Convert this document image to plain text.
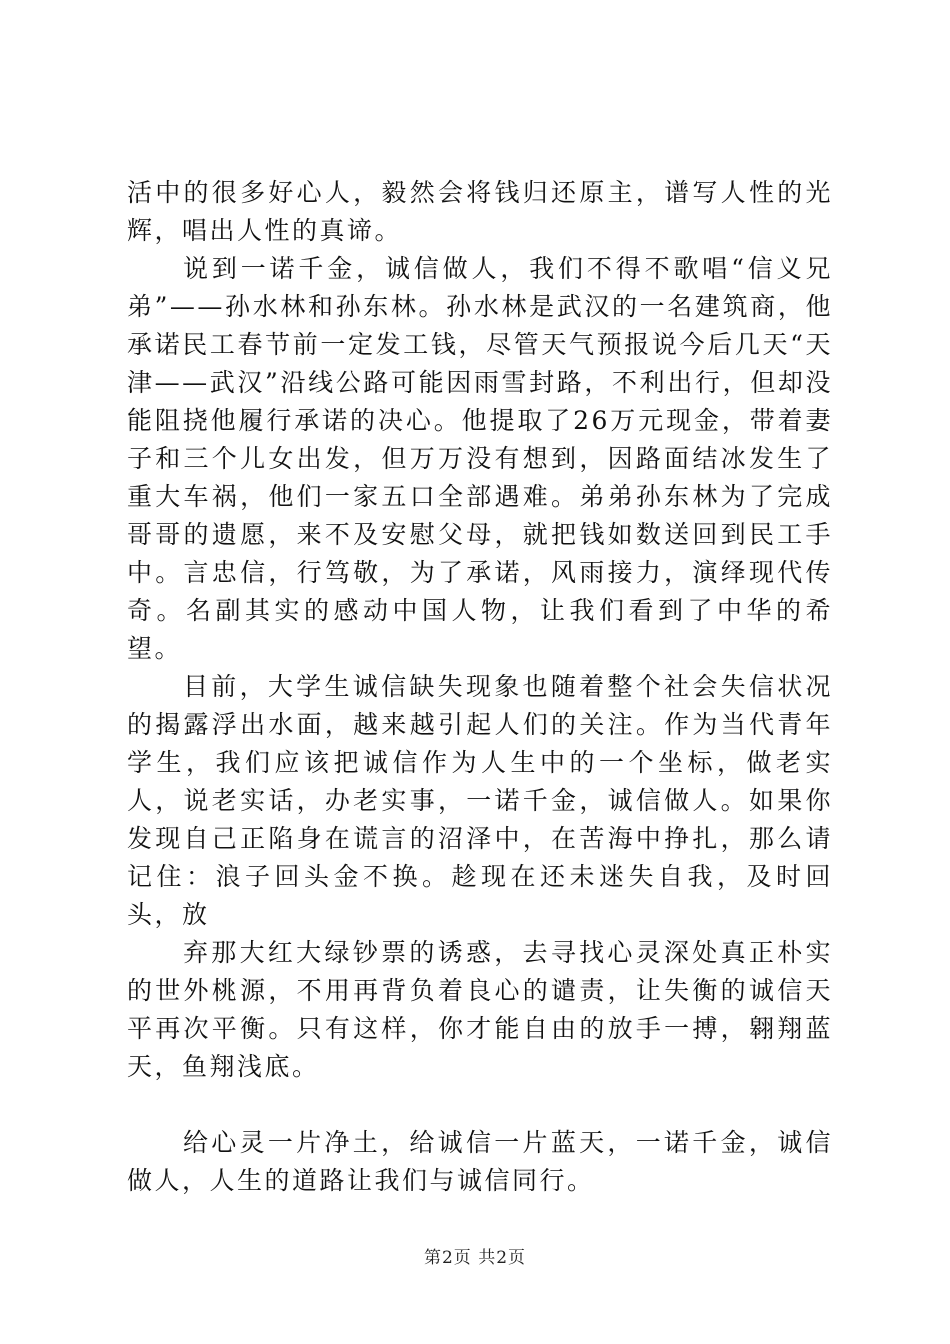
活中的很多好心人，毅然会将钱归还原主，谱写人性的光辉，唱出人性的真谛。

说到一诺千金，诚信做人，我们不得不歌唱“信义兄弟”——孙水林和孙东林。孙水林是武汉的一名建筑商，他承诺民工春节前一定发工钱，尽管天气预报说今后几天“天津——武汉”沿线公路可能因雨雪封路，不利出行，但却没能阻挠他履行承诺的决心。他提取了26万元现金，带着妻子和三个儿女出发，但万万没有想到，因路面结冰发生了重大车祸，他们一家五口全部遇难。弟弟孙东林为了完成哥哥的遗愿，来不及安慰父母，就把钱如数送回到民工手中。言忠信，行笃敬，为了承诺，风雨接力，演绎现代传奇。名副其实的感动中国人物，让我们看到了中华的希望。

目前，大学生诚信缺失现象也随着整个社会失信状况的揭露浮出水面，越来越引起人们的关注。作为当代青年学生，我们应该把诚信作为人生中的一个坐标，做老实人，说老实话，办老实事，一诺千金，诚信做人。如果你发现自己正陷身在谎言的沼泽中，在苦海中挣扎，那么请记住：浪子回头金不换。趁现在还未迷失自我，及时回头，放

弃那大红大绿钞票的诱惑，去寻找心灵深处真正朴实的世外桃源，不用再背负着良心的谴责，让失衡的诚信天平再次平衡。只有这样，你才能自由的放手一搏，翱翔蓝天，鱼翔浅底。

给心灵一片净土，给诚信一片蓝天，一诺千金，诚信做人，人生的道路让我们与诚信同行。

第2页 共2页
